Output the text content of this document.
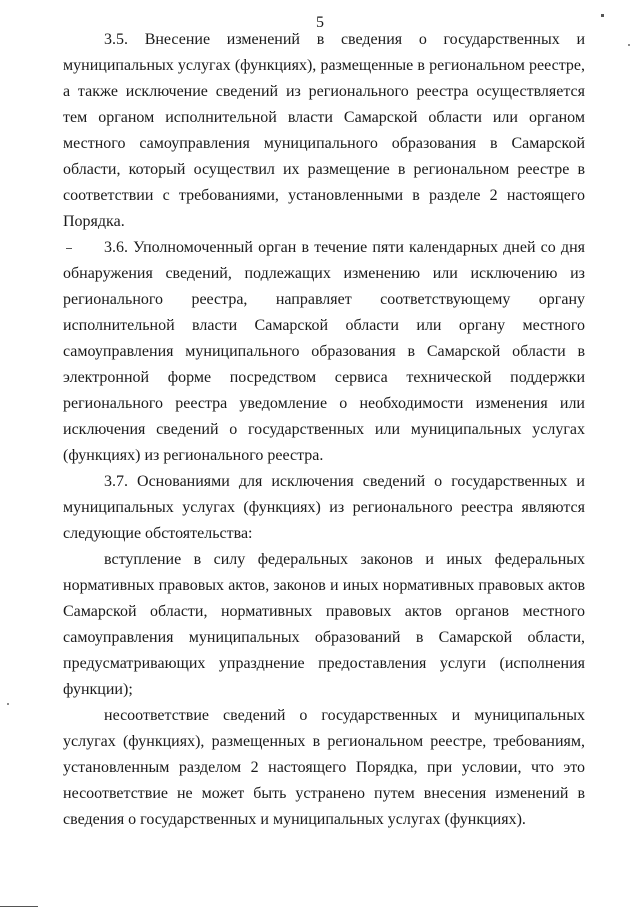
5

3.5. Внесение изменений в сведения о государственных и муниципальных услугах (функциях), размещенные в региональном реестре, а также исключение сведений из регионального реестра осуществляется тем органом исполнительной власти Самарской области или органом местного самоуправления муниципального образования в Самарской области, который осуществил их размещение в региональном реестре в соответствии с требованиями, установленными в разделе 2 настоящего Порядка.

3.6. Уполномоченный орган в течение пяти календарных дней со дня обнаружения сведений, подлежащих изменению или исключению из регионального реестра, направляет соответствующему органу исполнительной власти Самарской области или органу местного самоуправления муниципального образования в Самарской области в электронной форме посредством сервиса технической поддержки регионального реестра уведомление о необходимости изменения или исключения сведений о государственных или муниципальных услугах (функциях) из регионального реестра.

3.7. Основаниями для исключения сведений о государственных и муниципальных услугах (функциях) из регионального реестра являются следующие обстоятельства:

вступление в силу федеральных законов и иных федеральных нормативных правовых актов, законов и иных нормативных правовых актов Самарской области, нормативных правовых актов органов местного самоуправления муниципальных образований в Самарской области, предусматривающих упразднение предоставления услуги (исполнения функции);

несоответствие сведений о государственных и муниципальных услугах (функциях), размещенных в региональном реестре, требованиям, установленным разделом 2 настоящего Порядка, при условии, что это несоответствие не может быть устранено путем внесения изменений в сведения о государственных и муниципальных услугах (функциях).
